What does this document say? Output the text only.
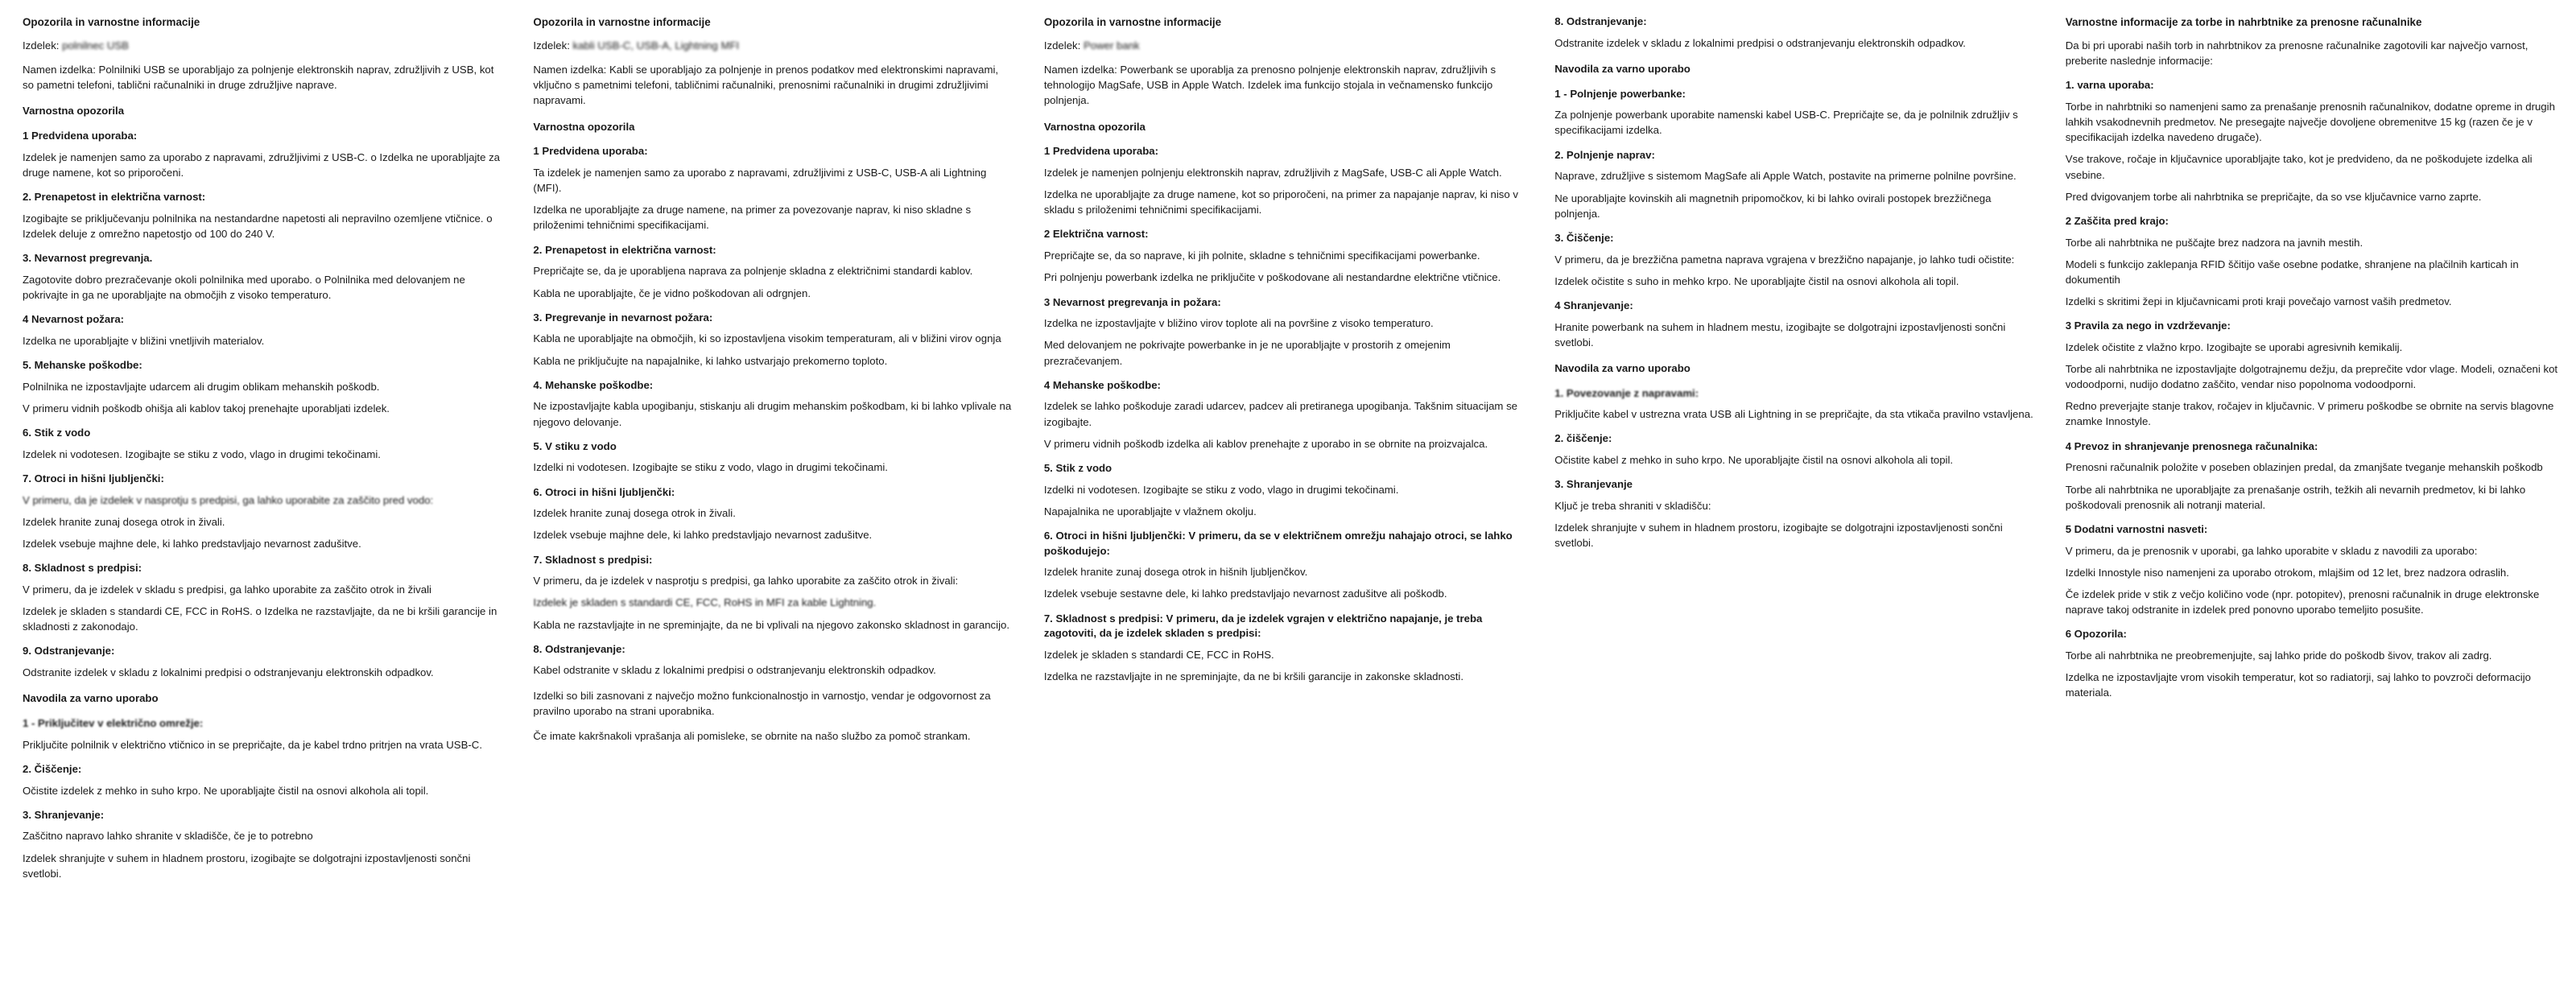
Opozorila in varnostne informacije
Izdelek: polnilnec USB
Namen izdelka: Polnilniki USB se uporabljajo za polnjenje elektronskih naprav, združljivih z USB, kot so pametni telefoni, tablični računalniki in druge združljive naprave.
Varnostna opozorila
1 Predvidena uporaba:
Izdelek je namenjen samo za uporabo z napravami, združljivimi z USB-C. o Izdelka ne uporabljajte za druge namene, kot so priporočeni.
2. Prenapetost in električna varnost:
Izogibajte se priključevanju polnilnika na nestandardne napetosti ali nepravilno ozemljene vtičnice. o Izdelek deluje z omrežno napetostjo od 100 do 240 V.
3. Nevarnost pregrevanja.
Zagotovite dobro prezračevanje okoli polnilnika med uporabo. o Polnilnika med delovanjem ne pokrivajte in ga ne uporabljajte na območjih z visoko temperaturo.
4 Nevarnost požara:
Izdelka ne uporabljajte v bližini vnetljivih materialov.
5. Mehanske poškodbe:
Polnilnika ne izpostavljajte udarcem ali drugim oblikam mehanskih poškodb.
V primeru vidnih poškodb ohišja ali kablov takoj prenehajte uporabljati izdelek.
6. Stik z vodo
Izdelek ni vodotesen. Izogibajte se stiku z vodo, vlago in drugimi tekočinami.
7. Otroci in hišni ljubljenčki:
V primeru, da je izdelek v nasprotju s predpisi, ga lahko uporabite za zaščito pred vodo:
Izdelek hranite zunaj dosega otrok in živali.
Izdelek vsebuje majhne dele, ki lahko predstavljajo nevarnost zadušitve.
8. Skladnost s predpisi:
V primeru, da je izdelek v skladu s predpisi, ga lahko uporabite za zaščito otrok in živali
Izdelek je skladen s standardi CE, FCC in RoHS. o Izdelka ne razstavljajte, da ne bi kršili garancije in skladnosti z zakonodajo.
9. Odstranjevanje:
Odstranite izdelek v skladu z lokalnimi predpisi o odstranjevanju elektronskih odpadkov.
Navodila za varno uporabo
1 - Priključitev v električno omrežje:
Priključite polnilnik v električno vtičnico in se prepričajte, da je kabel trdno pritrjen na vrata USB-C.
2. Čiščenje:
Očistite izdelek z mehko in suho krpo. Ne uporabljajte čistil na osnovi alkohola ali topil.
3. Shranjevanje:
Zaščitno napravo lahko shranite v skladišče, če je to potrebno
Izdelek shranjujte v suhem in hladnem prostoru, izogibajte se dolgotrajni izpostavljenosti sončni svetlobi.
Opozorila in varnostne informacije
Izdelek: kabli USB-C, USB-A, Lightning MFI
Namen izdelka: Kabli se uporabljajo za polnjenje in prenos podatkov med elektronskimi napravami, vključno s pametnimi telefoni, tabličnimi računalniki, prenosnimi računalniki in drugimi združljivimi napravami.
Varnostna opozorila
1 Predvidena uporaba:
Ta izdelek je namenjen samo za uporabo z napravami, združljivimi z USB-C, USB-A ali Lightning (MFI).
Izdelka ne uporabljajte za druge namene, na primer za povezovanje naprav, ki niso skladne s priloženimi tehničnimi specifikacijami.
2. Prenapetost in električna varnost:
Prepričajte se, da je uporabljena naprava za polnjenje skladna z električnimi standardi kablov.
Kabla ne uporabljajte, če je vidno poškodovan ali odrgnjen.
3. Pregrevanje in nevarnost požara:
Kabla ne uporabljajte na območjih, ki so izpostavljena visokim temperaturam, ali v bližini virov ognja
Kabla ne priključujte na napajalnike, ki lahko ustvarjajo prekomerno toploto.
4. Mehanske poškodbe:
Ne izpostavljajte kabla upogibanju, stiskanju ali drugim mehanskim poškodbam, ki bi lahko vplivale na njegovo delovanje.
5. V stiku z vodo
Izdelki ni vodotesen. Izogibajte se stiku z vodo, vlago in drugimi tekočinami.
6. Otroci in hišni ljubljenčki:
Izdelek hranite zunaj dosega otrok in živali.
Izdelek vsebuje majhne dele, ki lahko predstavljajo nevarnost zadušitve.
7. Skladnost s predpisi:
V primeru, da je izdelek v nasprotju s predpisi, ga lahko uporabite za zaščito otrok in živali:
Izdelek je skladen s standardi CE, FCC, RoHS in MFI za kable Lightning.
Kabla ne razstavljajte in ne spreminjajte, da ne bi vplivali na njegovo zakonsko skladnost in garancijo.
8. Odstranjevanje:
Kabel odstranite v skladu z lokalnimi predpisi o odstranjevanju elektronskih odpadkov.
Izdelki so bili zasnovani z največjo možno funkcionalnostjo in varnostjo, vendar je odgovornost za pravilno uporabo na strani uporabnika.
Če imate kakršnakoli vprašanja ali pomisleke, se obrnite na našo službo za pomoč strankam.
Opozorila in varnostne informacije
Izdelek: Power bank
Namen izdelka: Powerbank se uporablja za prenosno polnjenje elektronskih naprav, združljivih s tehnologijo MagSafe, USB in Apple Watch. Izdelek ima funkcijo stojala in večnamensko funkcijo polnjenja.
Varnostna opozorila
1 Predvidena uporaba:
Izdelek je namenjen polnjenju elektronskih naprav, združljivih z MagSafe, USB-C ali Apple Watch.
Izdelka ne uporabljajte za druge namene, kot so priporočeni, na primer za napajanje naprav, ki niso v skladu s priloženimi tehničnimi specifikacijami.
2 Električna varnost:
Prepričajte se, da so naprave, ki jih polnite, skladne s tehničnimi specifikacijami powerbanke.
Pri polnjenju powerbank izdelka ne priključite v poškodovane ali nestandardne električne vtičnice.
3 Nevarnost pregrevanja in požara:
Izdelka ne izpostavljajte v bližino virov toplote ali na površine z visoko temperaturo.
Med delovanjem ne pokrivajte powerbanke in je ne uporabljajte v prostorih z omejenim prezračevanjem.
4 Mehanske poškodbe:
Izdelek se lahko poškoduje zaradi udarcev, padcev ali pretiranega upogibanja. Takšnim situacijam se izogibajte.
V primeru vidnih poškodb izdelka ali kablov prenehajte z uporabo in se obrnite na proizvajalca.
5. Stik z vodo
Izdelki ni vodotesen. Izogibajte se stiku z vodo, vlago in drugimi tekočinami.
Napajalnika ne uporabljajte v vlažnem okolju.
6. Otroci in hišni ljubljenčki: V primeru, da se v električnem omrežju nahajajo otroci, se lahko poškodujejo:
Izdelek hranite zunaj dosega otrok in hišnih ljubljenčkov.
Izdelek vsebuje sestavne dele, ki lahko predstavljajo nevarnost zadušitve ali poškodb.
7. Skladnost s predpisi: V primeru, da je izdelek vgrajen v električno napajanje, je treba zagotoviti, da je izdelek skladen s predpisi:
Izdelek je skladen s standardi CE, FCC in RoHS.
Izdelka ne razstavljajte in ne spreminjajte, da ne bi kršili garancije in zakonske skladnosti.
8. Odstranjevanje:
Odstranite izdelek v skladu z lokalnimi predpisi o odstranjevanju elektronskih odpadkov.
Navodila za varno uporabo
1 - Polnjenje powerbanke:
Za polnjenje powerbank uporabite namenski kabel USB-C. Prepričajte se, da je polnilnik združljiv s specifikacijami izdelka.
2. Polnjenje naprav:
Naprave, združljive s sistemom MagSafe ali Apple Watch, postavite na primerne polnilne površine.
Ne uporabljajte kovinskih ali magnetnih pripomočkov, ki bi lahko ovirali postopek brezžičnega polnjenja.
3. Čiščenje:
V primeru, da je brezžična pametna naprava vgrajena v brezžično napajanje, jo lahko tudi očistite:
Izdelek očistite s suho in mehko krpo. Ne uporabljajte čistil na osnovi alkohola ali topil.
4 Shranjevanje:
Hranite powerbank na suhem in hladnem mestu, izogibajte se dolgotrajni izpostavljenosti sončni svetlobi.
Navodila za varno uporabo
1. Povezovanje z napravami:
Priključite kabel v ustrezna vrata USB ali Lightning in se prepričajte, da sta vtikača pravilno vstavljena.
2. čiščenje:
Očistite kabel z mehko in suho krpo. Ne uporabljajte čistil na osnovi alkohola ali topil.
3. Shranjevanje
Ključ je treba shraniti v skladišču:
Izdelek shranjujte v suhem in hladnem prostoru, izogibajte se dolgotrajni izpostavljenosti sončni svetlobi.
Varnostne informacije za torbe in nahrbtnike za prenosne računalnike
Da bi pri uporabi naših torb in nahrbtnikov za prenosne računalnike zagotovili kar največjo varnost, preberite naslednje informacije:
1. varna uporaba:
Torbe in nahrbtniki so namenjeni samo za prenašanje prenosnih računalnikov, dodatne opreme in drugih lahkih vsakodnevnih predmetov. Ne presegajte največje dovoljene obremenitve 15 kg (razen če je v specifikacijah izdelka navedeno drugače).
Vse trakove, ročaje in ključavnice uporabljajte tako, kot je predvideno, da ne poškodujete izdelka ali vsebine.
Pred dvigovanjem torbe ali nahrbtnika se prepričajte, da so vse ključavnice varno zaprte.
2 Zaščita pred krajo:
Torbe ali nahrbtnika ne puščajte brez nadzora na javnih mestih.
Modeli s funkcijo zaklepanja RFID ščitijo vaše osebne podatke, shranjene na plačilnih karticah in dokumentih
Izdelki s skritimi žepi in ključavnicami proti kraji povečajo varnost vaših predmetov.
3 Pravila za nego in vzdrževanje:
Izdelek očistite z vlažno krpo. Izogibajte se uporabi agresivnih kemikalij.
Torbe ali nahrbtnika ne izpostavljajte dolgotrajnemu dežju, da preprečite vdor vlage. Modeli, označeni kot vodoodporni, nudijo dodatno zaščito, vendar niso popolnoma vodoodporni.
Redno preverjajte stanje trakov, ročajev in ključavnic. V primeru poškodbe se obrnite na servis blagovne znamke Innostyle.
4 Prevoz in shranjevanje prenosnega računalnika:
Prenosni računalnik položite v poseben oblazinjen predal, da zmanjšate tveganje mehanskih poškodb
Torbe ali nahrbtnika ne uporabljajte za prenašanje ostrih, težkih ali nevarnih predmetov, ki bi lahko poškodovali prenosnik ali notranji material.
5 Dodatni varnostni nasveti:
V primeru, da je prenosnik v uporabi, ga lahko uporabite v skladu z navodili za uporabo:
Izdelki Innostyle niso namenjeni za uporabo otrokom, mlajšim od 12 let, brez nadzora odraslih.
Če izdelek pride v stik z večjo količino vode (npr. potopitev), prenosni računalnik in druge elektronske naprave takoj odstranite in izdelek pred ponovno uporabo temeljito posušite.
6 Opozorila:
Torbe ali nahrbtnika ne preobremenjujte, saj lahko pride do poškodb šivov, trakov ali zadrg.
Izdelka ne izpostavljajte vrom visokih temperatur, kot so radiatorji, saj lahko to povzroči deformacijo materiala.
